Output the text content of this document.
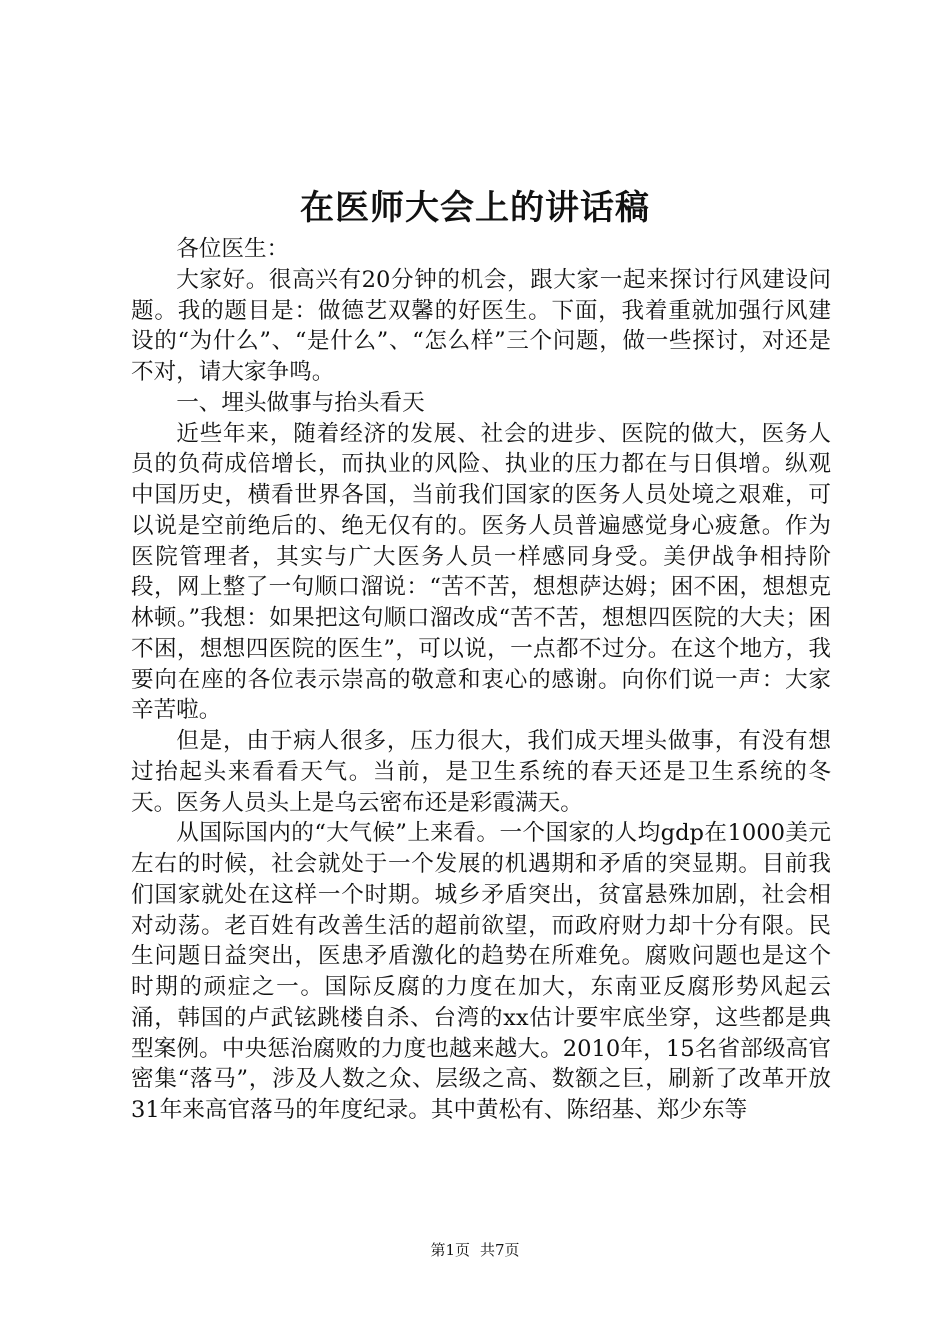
在医师大会上的讲话稿

各位医生：

大家好。很高兴有20分钟的机会，跟大家一起来探讨行风建设问题。我的题目是：做德艺双馨的好医生。下面，我着重就加强行风建设的“为什么”、“是什么”、“怎么样”三个问题，做一些探讨，对还是不对，请大家争鸣。

一、埋头做事与抬头看天

近些年来，随着经济的发展、社会的进步、医院的做大，医务人员的负荷成倍增长，而执业的风险、执业的压力都在与日俱增。纵观中国历史，横看世界各国，当前我们国家的医务人员处境之艰难，可以说是空前绝后的、绝无仅有的。医务人员普遍感觉身心疲惫。作为医院管理者，其实与广大医务人员一样感同身受。美伊战争相持阶段，网上整了一句顺口溜说：“苦不苦，想想萨达姆；困不困，想想克林顿。”我想：如果把这句顺口溜改成“苦不苦，想想四医院的大夫；困不困，想想四医院的医生”，可以说，一点都不过分。在这个地方，我要向在座的各位表示崇高的敬意和衷心的感谢。向你们说一声：大家辛苦啦。

但是，由于病人很多，压力很大，我们成天埋头做事，有没有想过抬起头来看看天气。当前，是卫生系统的春天还是卫生系统的冬天。医务人员头上是乌云密布还是彩霞满天。

从国际国内的“大气候”上来看。一个国家的人均gdp在1000美元左右的时候，社会就处于一个发展的机遇期和矛盾的突显期。目前我们国家就处在这样一个时期。城乡矛盾突出，贫富悬殊加剧，社会相对动荡。老百姓有改善生活的超前欲望，而政府财力却十分有限。民生问题日益突出，医患矛盾激化的趋势在所难免。腐败问题也是这个时期的顽症之一。国际反腐的力度在加大，东南亚反腐形势风起云涌，韩国的卢武铉跳楼自杀、台湾的xx估计要牢底坐穿，这些都是典型案例。中央惩治腐败的力度也越来越大。2010年，15名省部级高官密集“落马”，涉及人数之众、层级之高、数额之巨，刷新了改革开放31年来高官落马的年度纪录。其中黄松有、陈绍基、郑少东等

第1页 共7页
